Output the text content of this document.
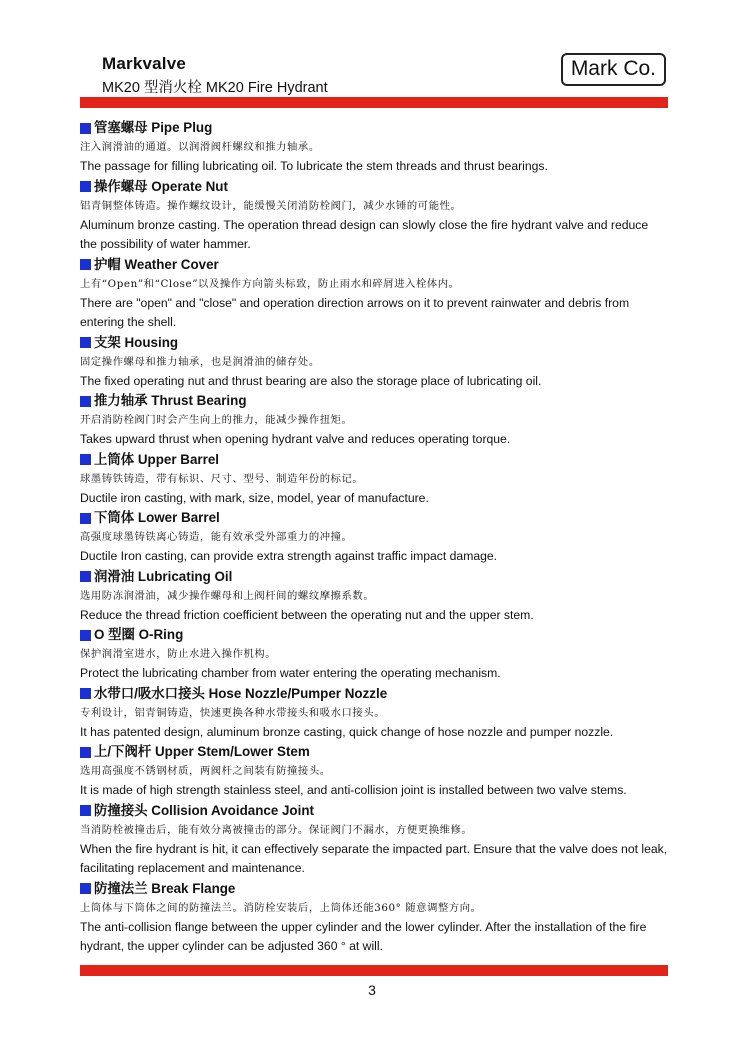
Markvalve
MK20 型消火栓 MK20 Fire Hydrant
Mark Co.
管塞螺母 Pipe Plug
注入润滑油的通道。以润滑阀杆螺纹和推力轴承。
The passage for filling lubricating oil. To lubricate the stem threads and thrust bearings.
操作螺母 Operate Nut
铝青铜整体铸造。操作螺纹设计，能缓慢关闭消防栓阀门，减少水锤的可能性。
Aluminum bronze casting. The operation thread design can slowly close the fire hydrant valve and reduce the possibility of water hammer.
护帽 Weather Cover
上有“Open”和“Close”以及操作方向箭头标致，防止雨水和碎屑进入栓体内。
There are "open" and "close" and operation direction arrows on it to prevent rainwater and debris from entering the shell.
支架 Housing
固定操作螺母和推力轴承，也是润滑油的储存处。
The fixed operating nut and thrust bearing are also the storage place of lubricating oil.
推力轴承 Thrust Bearing
开启消防栓阀门时会产生向上的推力，能减少操作扭矩。
Takes upward thrust when opening hydrant valve and reduces operating torque.
上筒体 Upper Barrel
球墨铸铁铸造，带有标识、尺寸、型号、制造年份的标记。
Ductile iron casting, with mark, size, model, year of manufacture.
下筒体 Lower Barrel
高强度球墨铸铁离心铸造，能有效承受外部重力的冲撞。
Ductile Iron casting, can provide extra strength against traffic impact damage.
润滑油 Lubricating Oil
选用防冻润滑油，减少操作螺母和上阀杆间的螺纹摩擦系数。
Reduce the thread friction coefficient between the operating nut and the upper stem.
O 型圈 O-Ring
保护润滑室进水，防止水进入操作机构。
Protect the lubricating chamber from water entering the operating mechanism.
水带口/吸水口接头 Hose Nozzle/Pumper Nozzle
专利设计，铝青铜铸造，快速更换各种水带接头和吸水口接头。
It has patented design, aluminum bronze casting, quick change of hose nozzle and pumper nozzle.
上/下阀杆 Upper Stem/Lower Stem
选用高强度不锈钢材质，两阀杆之间装有防撞接头。
It is made of high strength stainless steel, and anti-collision joint is installed between two valve stems.
防撞接头 Collision Avoidance Joint
当消防栓被撞击后，能有效分离被撞击的部分。保证阀门不漏水，方便更换维修。
When the fire hydrant is hit, it can effectively separate the impacted part. Ensure that the valve does not leak, facilitating replacement and maintenance.
防撞法兰 Break Flange
上筒体与下筒体之间的防撞法兰。消防栓安装后，上筒体还能360° 随意调整方向。
The anti-collision flange between the upper cylinder and the lower cylinder. After the installation of the fire hydrant, the upper cylinder can be adjusted 360 ° at will.
3
